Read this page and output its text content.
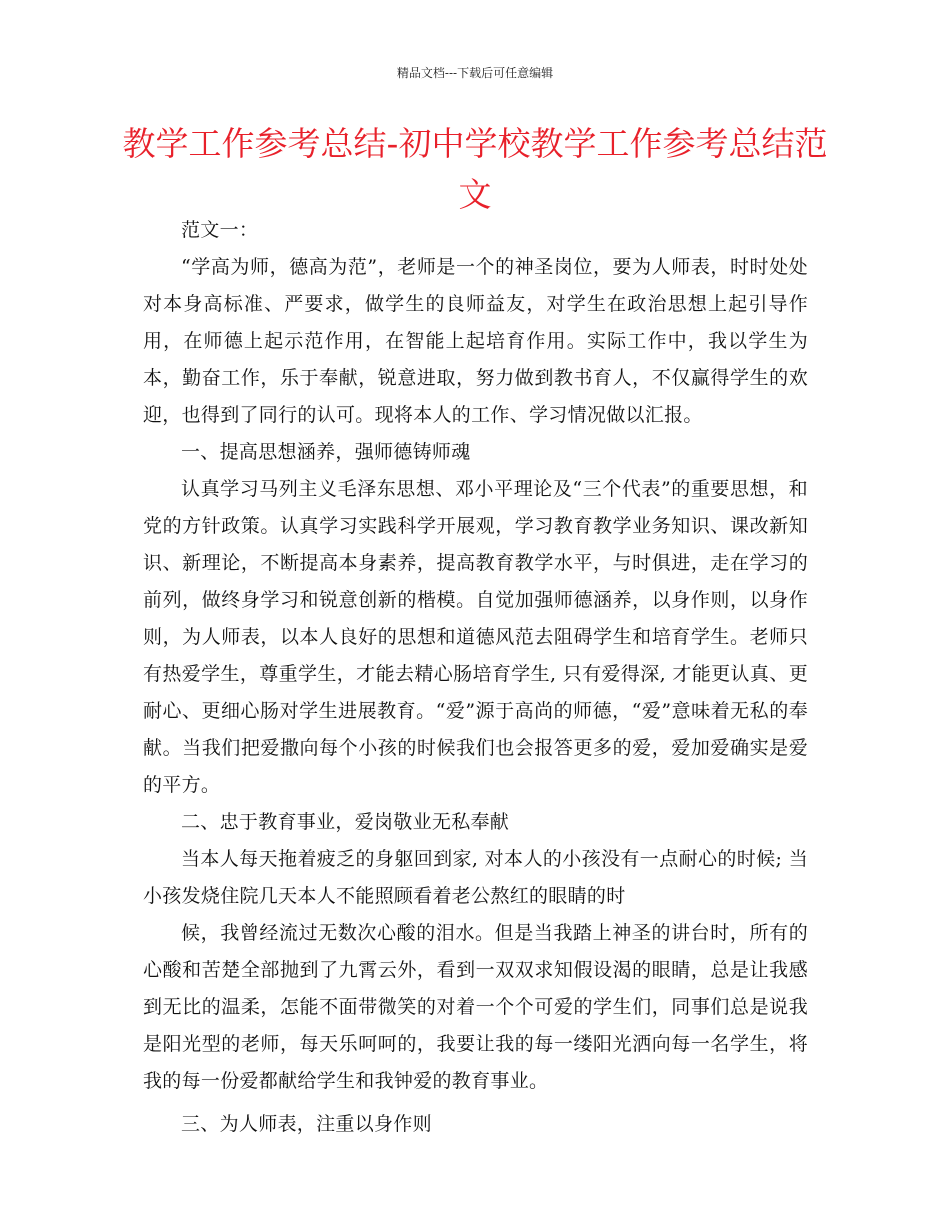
精品文档---下载后可任意编辑
教学工作参考总结-初中学校教学工作参考总结范文

范文一：

“学高为师，德高为范”，老师是一个的神圣岗位，要为人师表，时时处处对本身高标准、严要求，做学生的良师益友，对学生在政治思想上起引导作用，在师德上起示范作用，在智能上起培育作用。实际工作中，我以学生为本，勤奋工作，乐于奉献，锐意进取，努力做到教书育人，不仅赢得学生的欢迎，也得到了同行的认可。现将本人的工作、学习情况做以汇报。

一、提高思想涵养，强师德铸师魂

认真学习马列主义毛泽东思想、邓小平理论及“三个代表”的重要思想，和党的方针政策。认真学习实践科学开展观，学习教育教学业务知识、课改新知识、新理论，不断提高本身素养，提高教育教学水平，与时俱进，走在学习的前列，做终身学习和锐意创新的楷模。自觉加强师德涵养，以身作则，以身作则，为人师表，以本人良好的思想和道德风范去阻碍学生和培育学生。老师只有热爱学生，尊重学生，才能去精心肠培育学生, 只有爱得深, 才能更认真、更耐心、更细心肠对学生进展教育。“爱”源于高尚的师德，“爱”意味着无私的奉献。当我们把爱撒向每个小孩的时候我们也会报答更多的爱，爱加爱确实是爱的平方。

二、忠于教育事业，爱岗敬业无私奉献

当本人每天拖着疲乏的身躯回到家, 对本人的小孩没有一点耐心的时候; 当小孩发烧住院几天本人不能照顾看着老公熬红的眼睛的时

候，我曾经流过无数次心酸的泪水。但是当我踏上神圣的讲台时，所有的心酸和苦楚全部抛到了九霄云外，看到一双双求知假设渴的眼睛，总是让我感到无比的温柔，怎能不面带微笑的对着一个个可爱的学生们，同事们总是说我是阳光型的老师，每天乐呵呵的，我要让我的每一缕阳光洒向每一名学生，将我的每一份爱都献给学生和我钟爱的教育事业。

三、为人师表，注重以身作则
